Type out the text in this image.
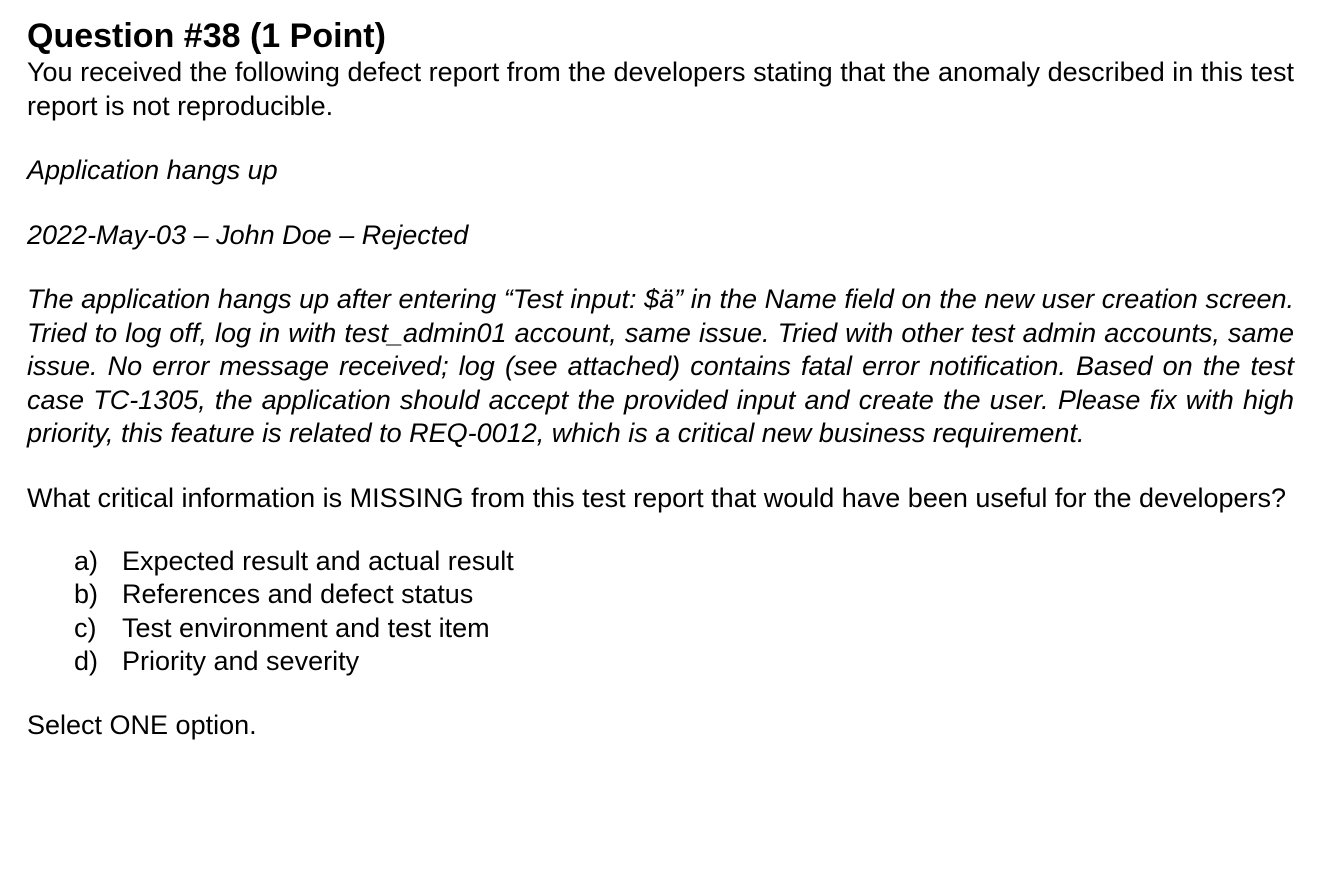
Question #38 (1 Point)

You received the following defect report from the developers stating that the anomaly described in this test report is not reproducible.

Application hangs up

2022-May-03 – John Doe – Rejected

The application hangs up after entering “Test input: $ä” in the Name field on the new user creation screen. Tried to log off, log in with test_admin01 account, same issue. Tried with other test admin accounts, same issue. No error message received; log (see attached) contains fatal error notification. Based on the test case TC-1305, the application should accept the provided input and create the user. Please fix with high priority, this feature is related to REQ-0012, which is a critical new business requirement.

What critical information is MISSING from this test report that would have been useful for the developers?

a) Expected result and actual result
b) References and defect status
c) Test environment and test item
d) Priority and severity

Select ONE option.
